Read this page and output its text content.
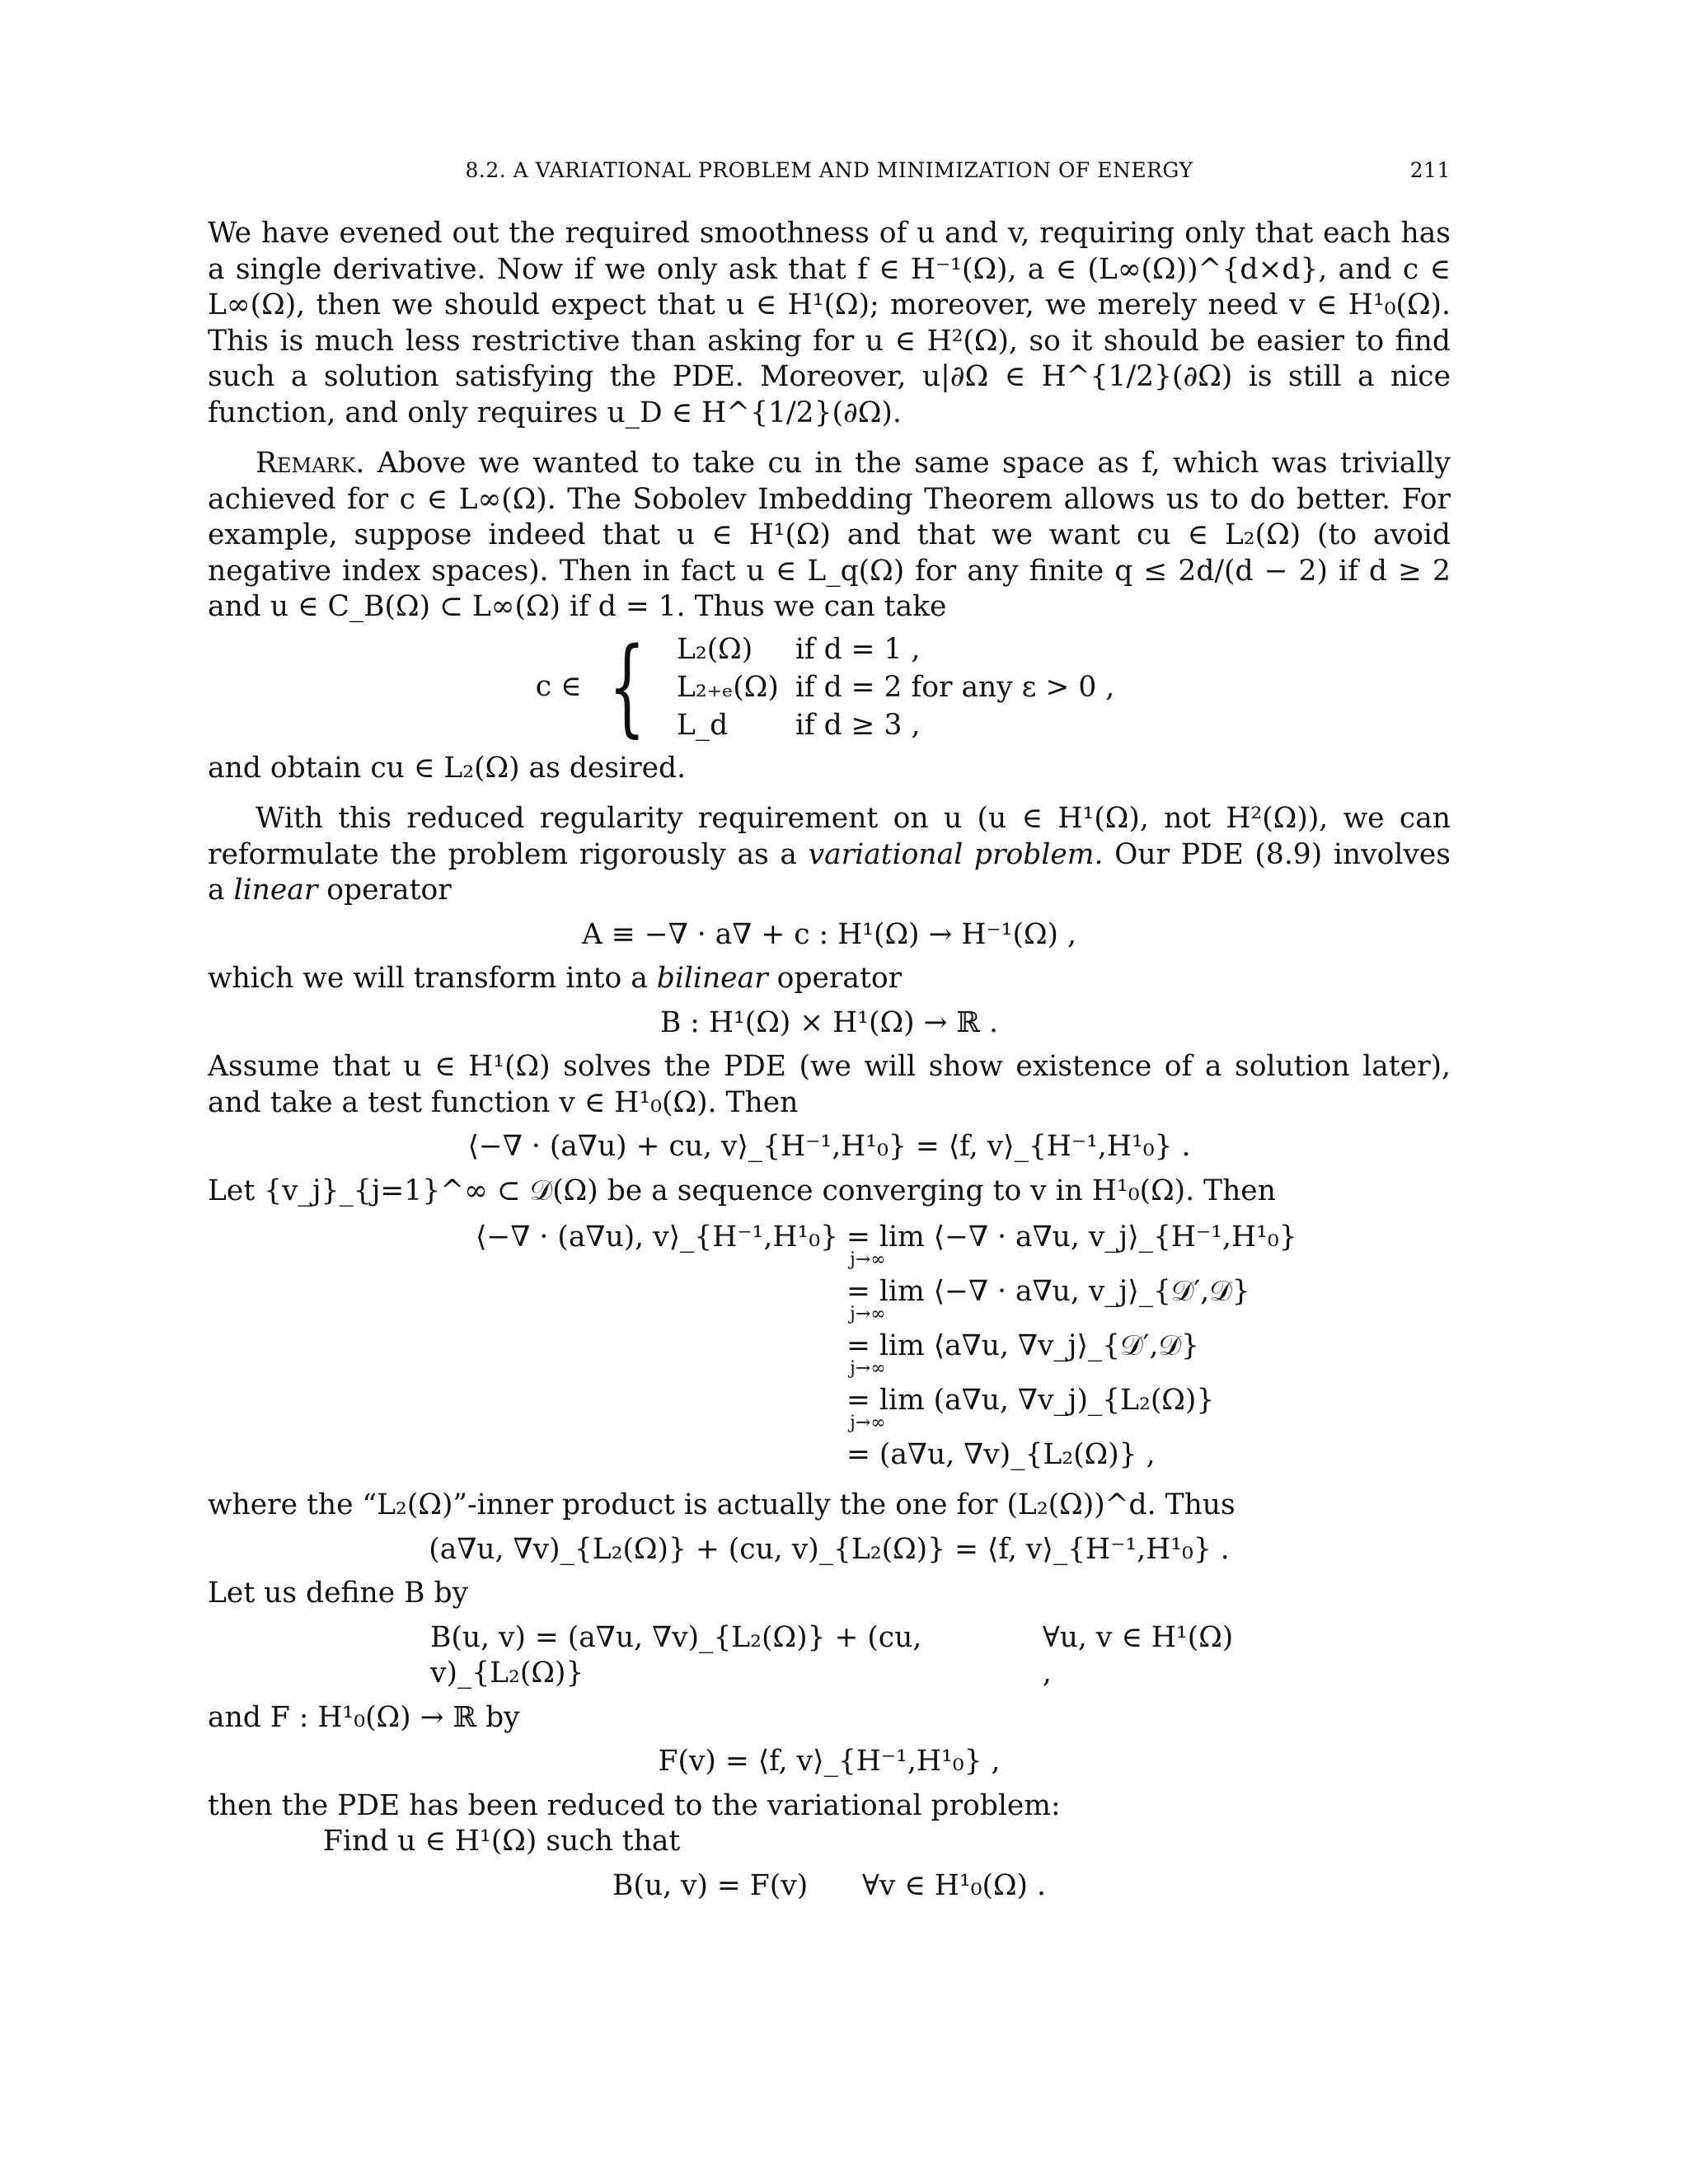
8.2. A VARIATIONAL PROBLEM AND MINIMIZATION OF ENERGY	211

We have evened out the required smoothness of u and v, requiring only that each has a single derivative. Now if we only ask that f ∈ H⁻¹(Ω), a ∈ (L∞(Ω))^{d×d}, and c ∈ L∞(Ω), then we should expect that u ∈ H¹(Ω); moreover, we merely need v ∈ H¹₀(Ω). This is much less restrictive than asking for u ∈ H²(Ω), so it should be easier to find such a solution satisfying the PDE. Moreover, u|∂Ω ∈ H^{1/2}(∂Ω) is still a nice function, and only requires u_D ∈ H^{1/2}(∂Ω).

Remark. Above we wanted to take cu in the same space as f, which was trivially achieved for c ∈ L∞(Ω). The Sobolev Imbedding Theorem allows us to do better. For example, suppose indeed that u ∈ H¹(Ω) and that we want cu ∈ L₂(Ω) (to avoid negative index spaces). Then in fact u ∈ L_q(Ω) for any finite q ≤ 2d/(d − 2) if d ≥ 2 and u ∈ C_B(Ω) ⊂ L∞(Ω) if d = 1. Thus we can take

c ∈ { L₂(Ω)	if d = 1 ,
L₂₊ₑ(Ω)	if d = 2 for any ε > 0 ,
L_d	if d ≥ 3 ,

and obtain cu ∈ L₂(Ω) as desired.

With this reduced regularity requirement on u (u ∈ H¹(Ω), not H²(Ω)), we can reformulate the problem rigorously as a variational problem. Our PDE (8.9) involves a linear operator

A ≡ −∇ · a∇ + c : H¹(Ω) → H⁻¹(Ω) ,

which we will transform into a bilinear operator

B : H¹(Ω) × H¹(Ω) → ℝ .

Assume that u ∈ H¹(Ω) solves the PDE (we will show existence of a solution later), and take a test function v ∈ H¹₀(Ω). Then

⟨−∇ · (a∇u) + cu, v⟩_{H⁻¹,H¹₀} = ⟨f, v⟩_{H⁻¹,H¹₀} .

Let {v_j}_{j=1}^∞ ⊂ 𝒟(Ω) be a sequence converging to v in H¹₀(Ω). Then

⟨−∇ · (a∇u), v⟩_{H⁻¹,H¹₀}	= lim ⟨−∇ · a∇u, v_j⟩_{H⁻¹,H¹₀}
j→∞

	= lim ⟨−∇ · a∇u, v_j⟩_{𝒟′,𝒟}
j→∞

	= lim ⟨a∇u, ∇v_j⟩_{𝒟′,𝒟}
j→∞

	= lim (a∇u, ∇v_j)_{L₂(Ω)}
j→∞

	= (a∇u, ∇v)_{L₂(Ω)} ,

where the “L₂(Ω)”-inner product is actually the one for (L₂(Ω))^d. Thus

(a∇u, ∇v)_{L₂(Ω)} + (cu, v)_{L₂(Ω)} = ⟨f, v⟩_{H⁻¹,H¹₀} .

Let us define B by

B(u, v) = (a∇u, ∇v)_{L₂(Ω)} + (cu, v)_{L₂(Ω)}
∀u, v ∈ H¹(Ω) ,

and F : H¹₀(Ω) → ℝ by

F(v) = ⟨f, v⟩_{H⁻¹,H¹₀} ,

then the PDE has been reduced to the variational problem:

Find u ∈ H¹(Ω) such that

B(u, v) = F(v)      ∀v ∈ H¹₀(Ω) .
